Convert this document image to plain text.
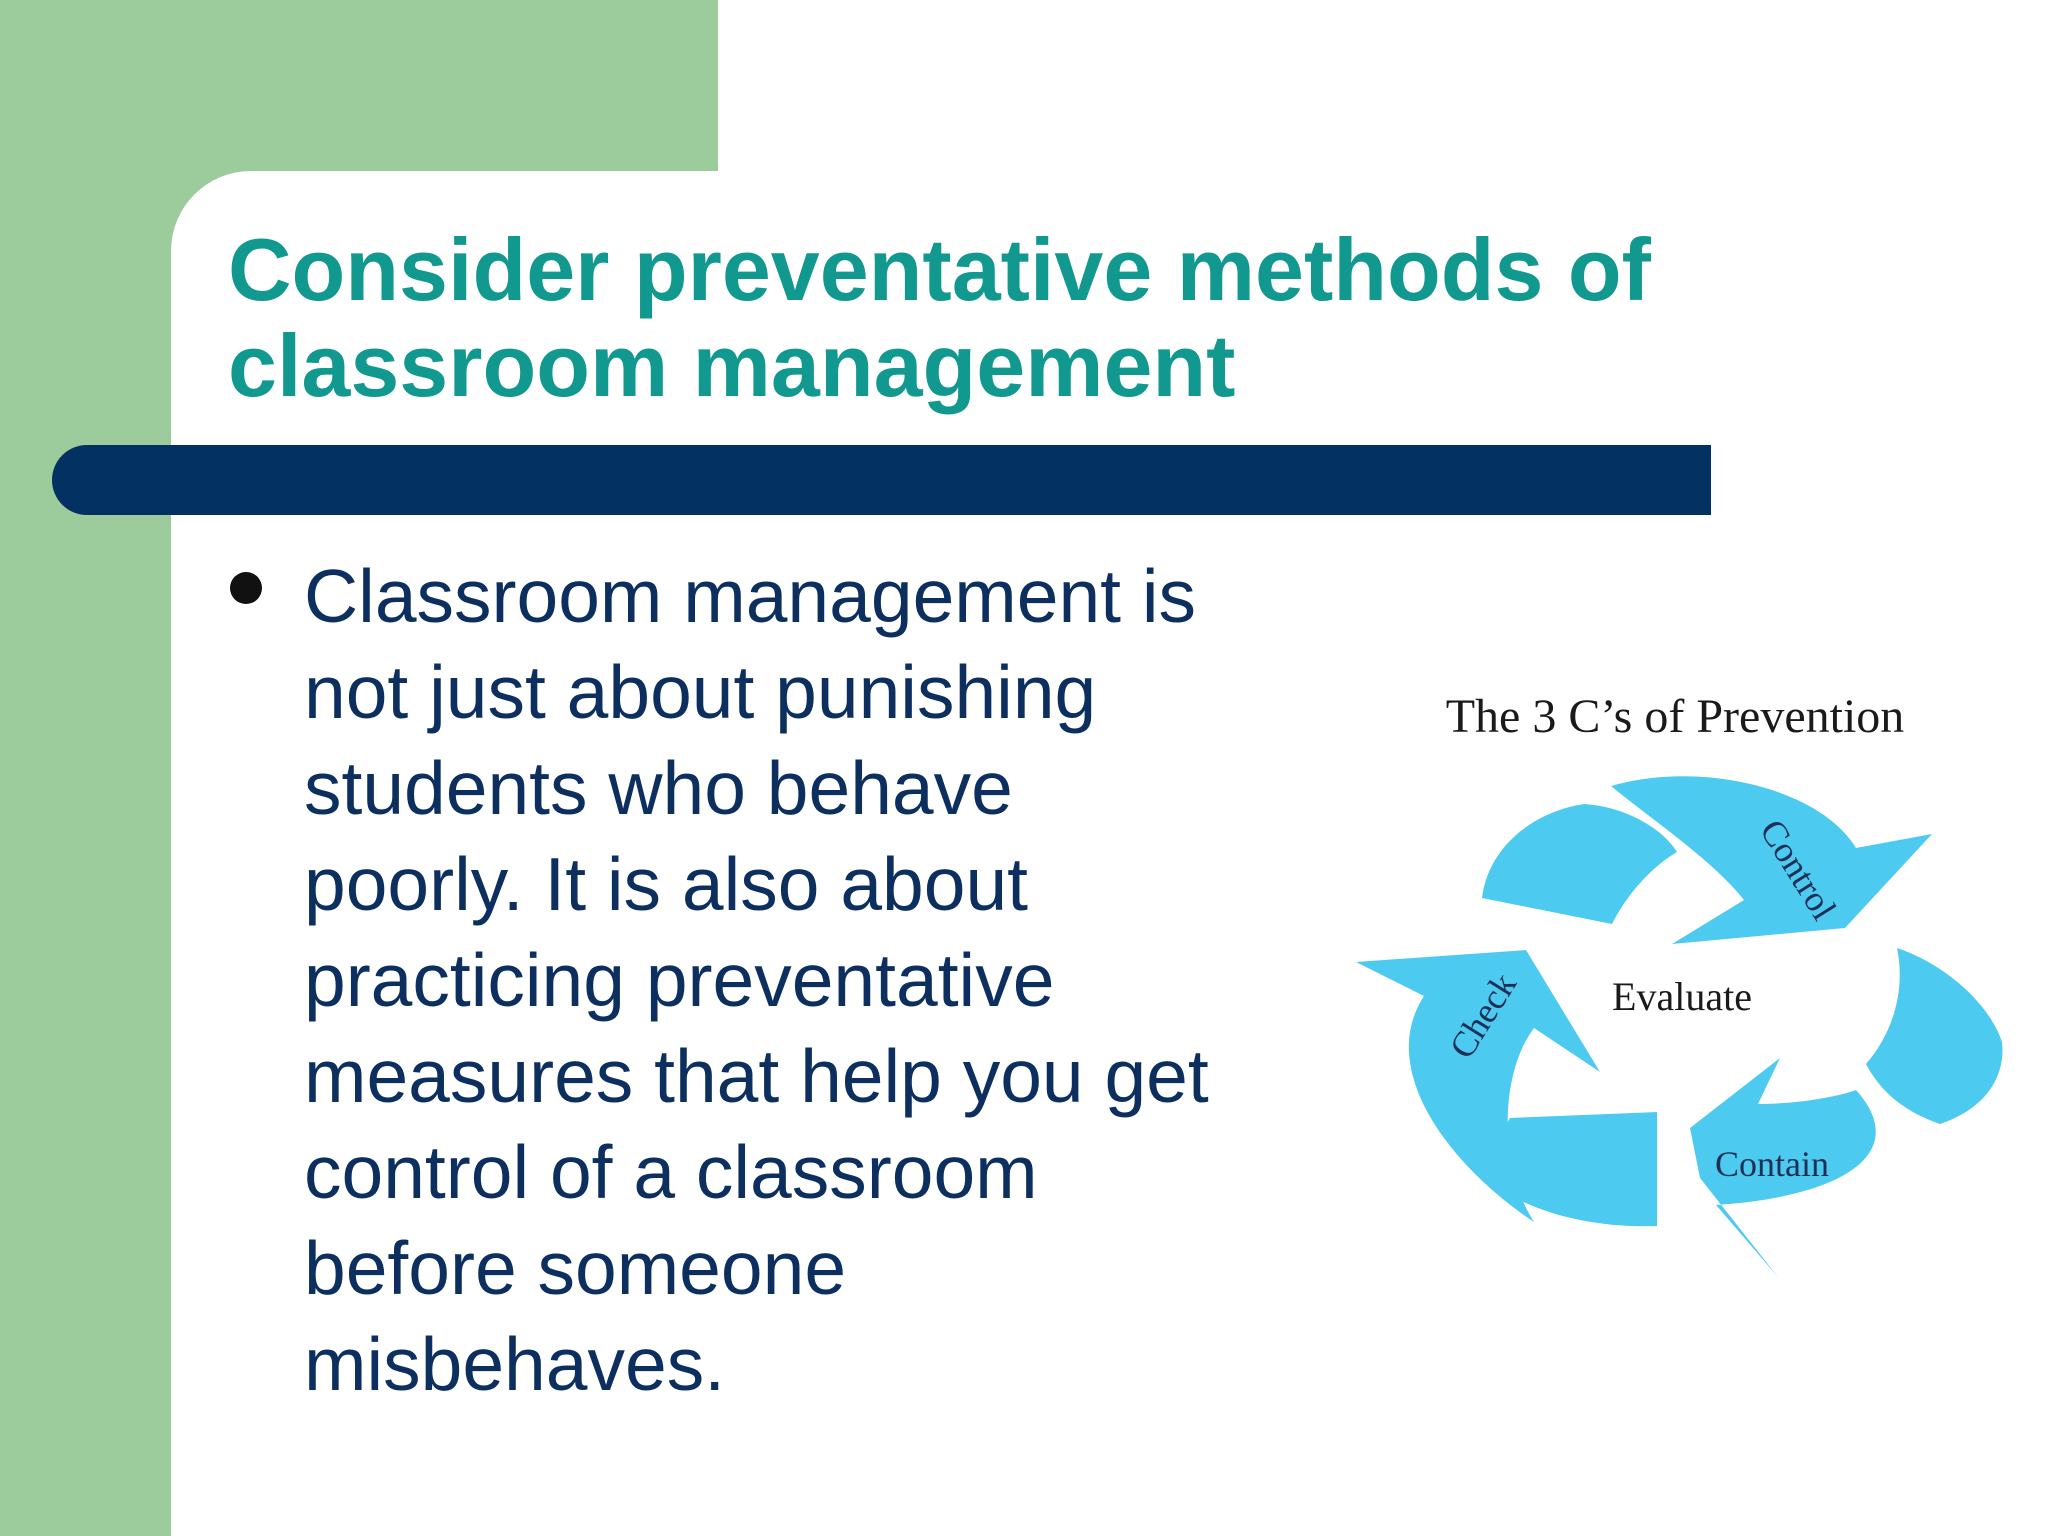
Consider preventative methods of
classroom management
Classroom management is
not just about punishing
students who behave
poorly. It is also about
practicing preventative
measures that help you get
control of a classroom
before someone
misbehaves.
The 3 C’s of Prevention
Control
Check Evaluate
Contain
